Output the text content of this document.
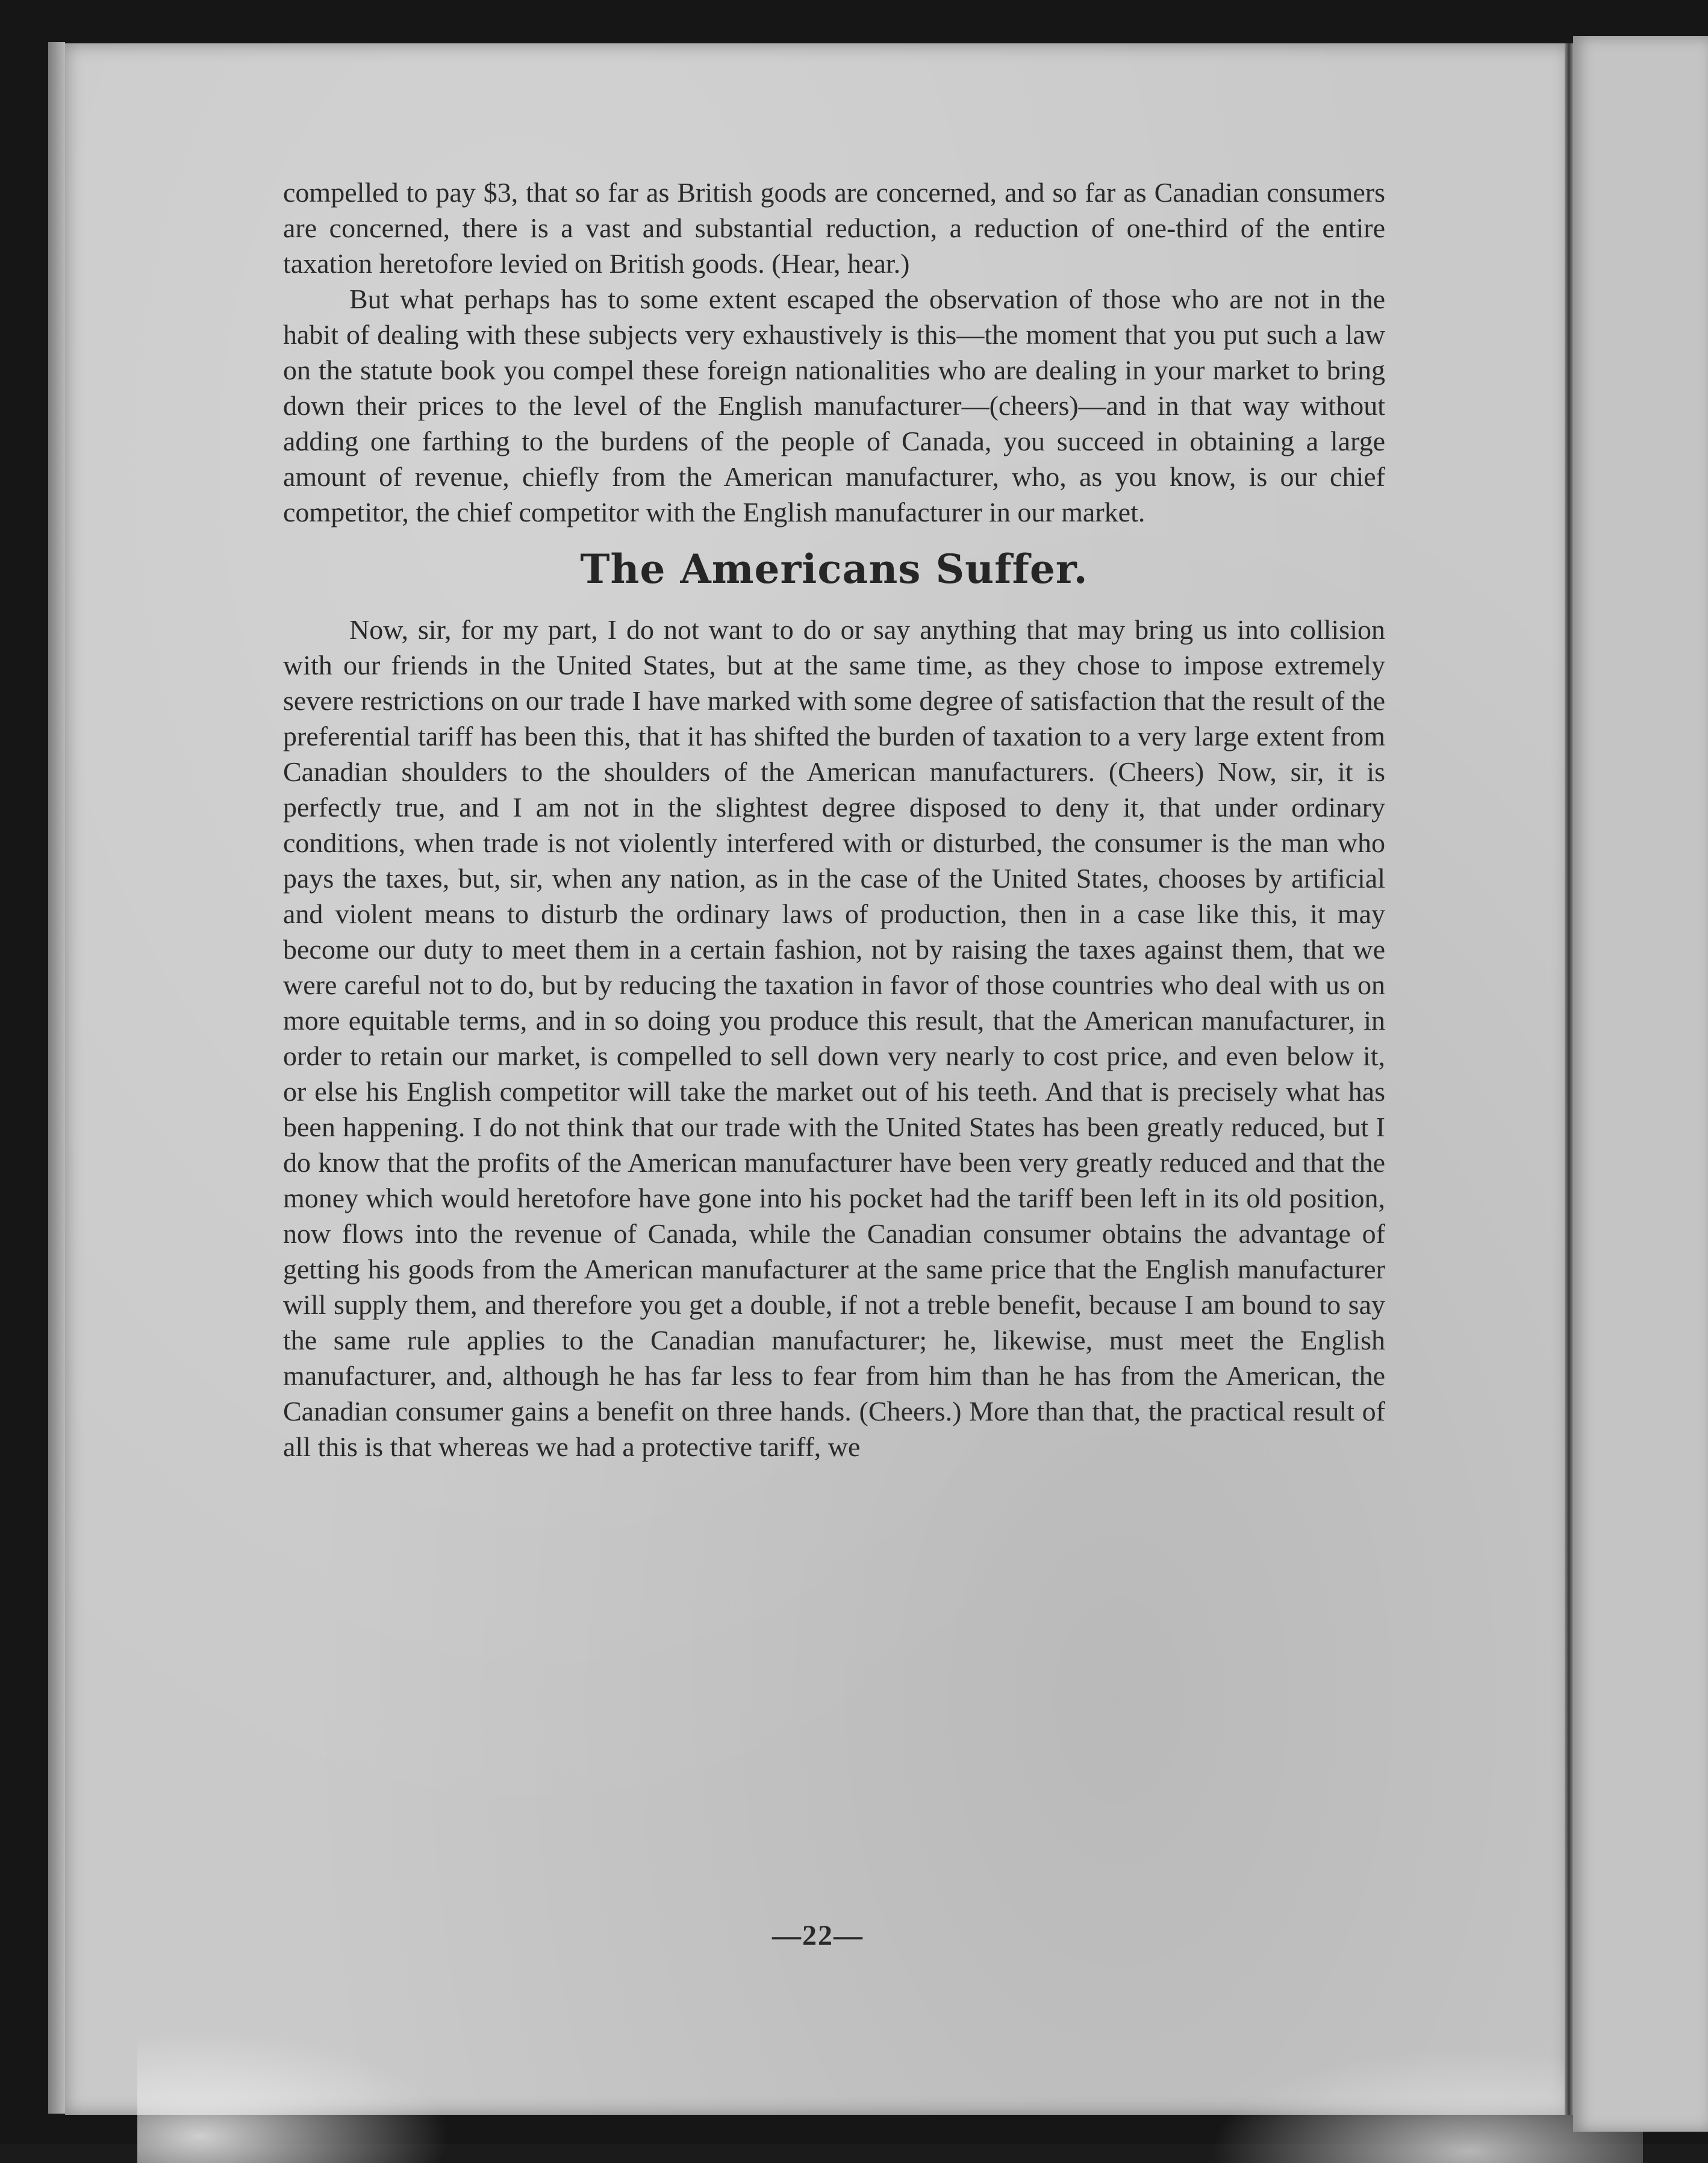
—22—

compelled to pay $3, that so far as British goods are concerned, and so far as Canadian consumers are concerned, there is a vast and substantial reduction, a reduction of one-third of the entire taxation heretofore levied on British goods. (Hear, hear.)

But what perhaps has to some extent escaped the observation of those who are not in the habit of dealing with these subjects very exhaustively is this—the moment that you put such a law on the statute book you compel these foreign nationalities who are dealing in your market to bring down their prices to the level of the English manufacturer—(cheers)—and in that way without adding one farthing to the burdens of the people of Canada, you succeed in obtaining a large amount of revenue, chiefly from the American manufacturer, who, as you know, is our chief competitor, the chief competitor with the English manufacturer in our market.

The Americans Suffer.

Now, sir, for my part, I do not want to do or say anything that may bring us into collision with our friends in the United States, but at the same time, as they chose to impose extremely severe restrictions on our trade I have marked with some degree of satisfaction that the result of the preferential tariff has been this, that it has shifted the burden of taxation to a very large extent from Canadian shoulders to the shoulders of the American manufacturers. (Cheers) Now, sir, it is perfectly true, and I am not in the slightest degree disposed to deny it, that under ordinary conditions, when trade is not violently interfered with or disturbed, the consumer is the man who pays the taxes, but, sir, when any nation, as in the case of the United States, chooses by artificial and violent means to disturb the ordinary laws of production, then in a case like this, it may become our duty to meet them in a certain fashion, not by raising the taxes against them, that we were careful not to do, but by reducing the taxation in favor of those countries who deal with us on more equitable terms, and in so doing you produce this result, that the American manufacturer, in order to retain our market, is compelled to sell down very nearly to cost price, and even below it, or else his English competitor will take the market out of his teeth. And that is precisely what has been happening. I do not think that our trade with the United States has been greatly reduced, but I do know that the profits of the American manufacturer have been very greatly reduced and that the money which would heretofore have gone into his pocket had the tariff been left in its old position, now flows into the revenue of Canada, while the Canadian consumer obtains the advantage of getting his goods from the American manufacturer at the same price that the English manufacturer will supply them, and therefore you get a double, if not a treble benefit, because I am bound to say the same rule applies to the Canadian manufacturer; he, likewise, must meet the English manufacturer, and, although he has far less to fear from him than he has from the American, the Canadian consumer gains a benefit on three hands. (Cheers.) More than that, the practical result of all this is that whereas we had a protective tariff, we
